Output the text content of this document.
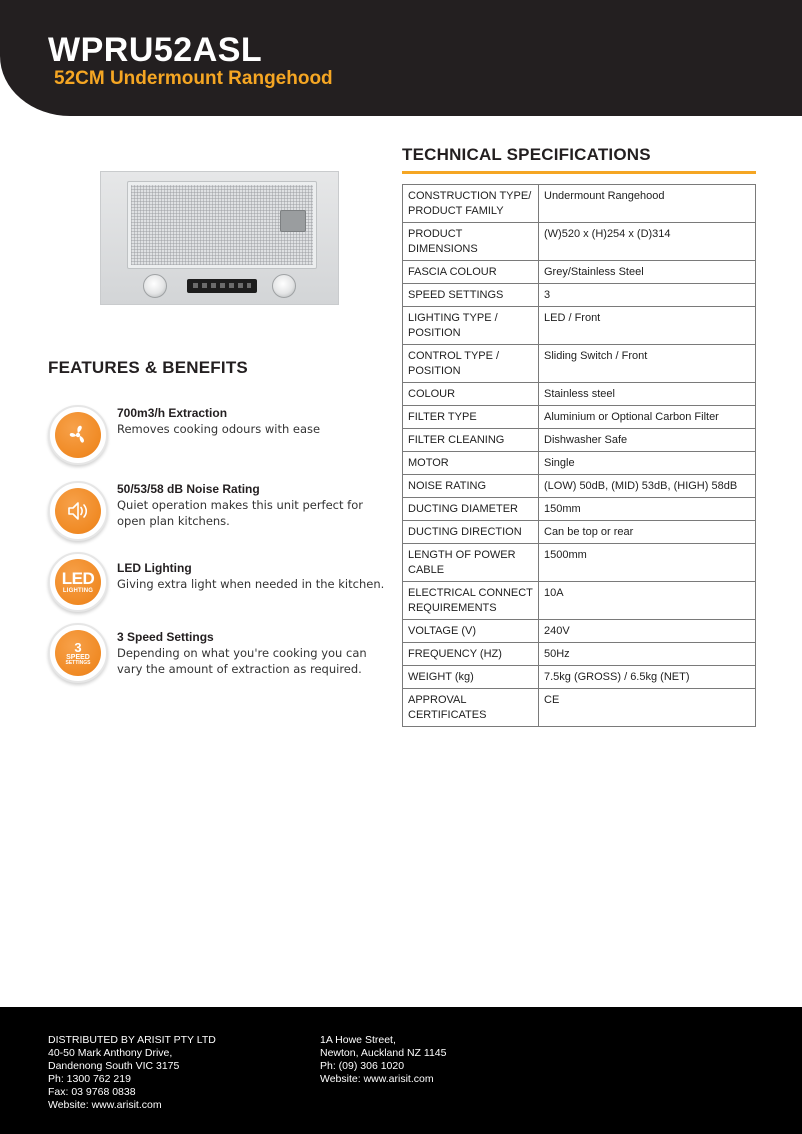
WPRU52ASL
52CM Undermount Rangehood
FEATURES & BENEFITS
700m3/h Extraction
Removes cooking odours with ease
50/53/58 dB Noise Rating
Quiet operation makes this unit perfect for open plan kitchens.
LED
LIGHTING
LED Lighting
Giving extra light when needed in the kitchen.
3
SPEED
SETTINGS
3 Speed Settings
Depending on what you're cooking you can vary the amount of extraction as required.
TECHNICAL SPECIFICATIONS
CONSTRUCTION TYPE/ PRODUCT FAMILY	Undermount Rangehood
PRODUCT DIMENSIONS	(W)520 x (H)254 x (D)314
FASCIA COLOUR	Grey/Stainless Steel
SPEED SETTINGS	3
LIGHTING TYPE / POSITION	LED / Front
CONTROL TYPE / POSITION	Sliding Switch / Front
COLOUR	Stainless steel
FILTER TYPE	Aluminium or Optional Carbon Filter
FILTER CLEANING	Dishwasher Safe
MOTOR	Single
NOISE RATING	(LOW) 50dB, (MID) 53dB, (HIGH) 58dB
DUCTING DIAMETER	150mm
DUCTING DIRECTION	Can be top or rear
LENGTH OF POWER CABLE	1500mm
ELECTRICAL CONNECT REQUIREMENTS	10A
VOLTAGE (V)	240V
FREQUENCY (HZ)	50Hz
WEIGHT (kg)	7.5kg (GROSS) / 6.5kg (NET)
APPROVAL CERTIFICATES	CE
DISTRIBUTED BY ARISIT PTY LTD
40-50 Mark Anthony Drive,
Dandenong South VIC 3175
Ph: 1300 762 219
Fax: 03 9768 0838
Website: www.arisit.com
1A Howe Street,
Newton, Auckland NZ 1145
Ph: (09) 306 1020
Website: www.arisit.com
